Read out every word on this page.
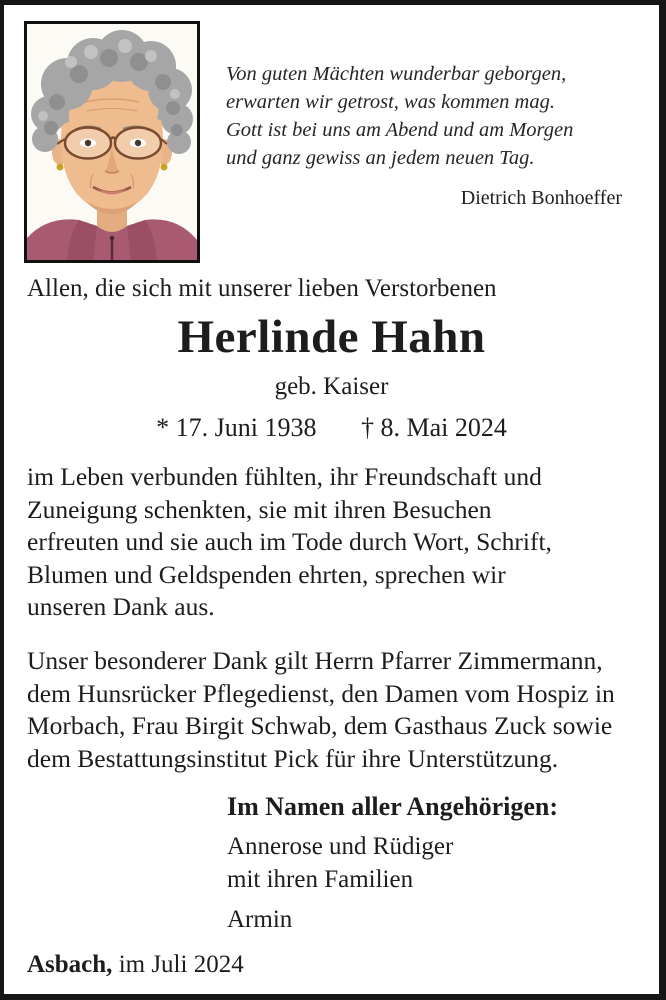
Von guten Mächten wunderbar geborgen,
erwarten wir getrost, was kommen mag.
Gott ist bei uns am Abend und am Morgen
und ganz gewiss an jedem neuen Tag.
Dietrich Bonhoeffer
Allen, die sich mit unserer lieben Verstorbenen
Herlinde Hahn
geb. Kaiser
* 17. Juni 1938 † 8. Mai 2024
im Leben verbunden fühlten, ihr Freundschaft und
Zuneigung schenkten, sie mit ihren Besuchen
erfreuten und sie auch im Tode durch Wort, Schrift,
Blumen und Geldspenden ehrten, sprechen wir
unseren Dank aus.
Unser besonderer Dank gilt Herrn Pfarrer Zimmermann,
dem Hunsrücker Pflegedienst, den Damen vom Hospiz in
Morbach, Frau Birgit Schwab, dem Gasthaus Zuck sowie
dem Bestattungsinstitut Pick für ihre Unterstützung.
Im Namen aller Angehörigen:
Annerose und Rüdiger
mit ihren Familien
Armin
Asbach, im Juli 2024
